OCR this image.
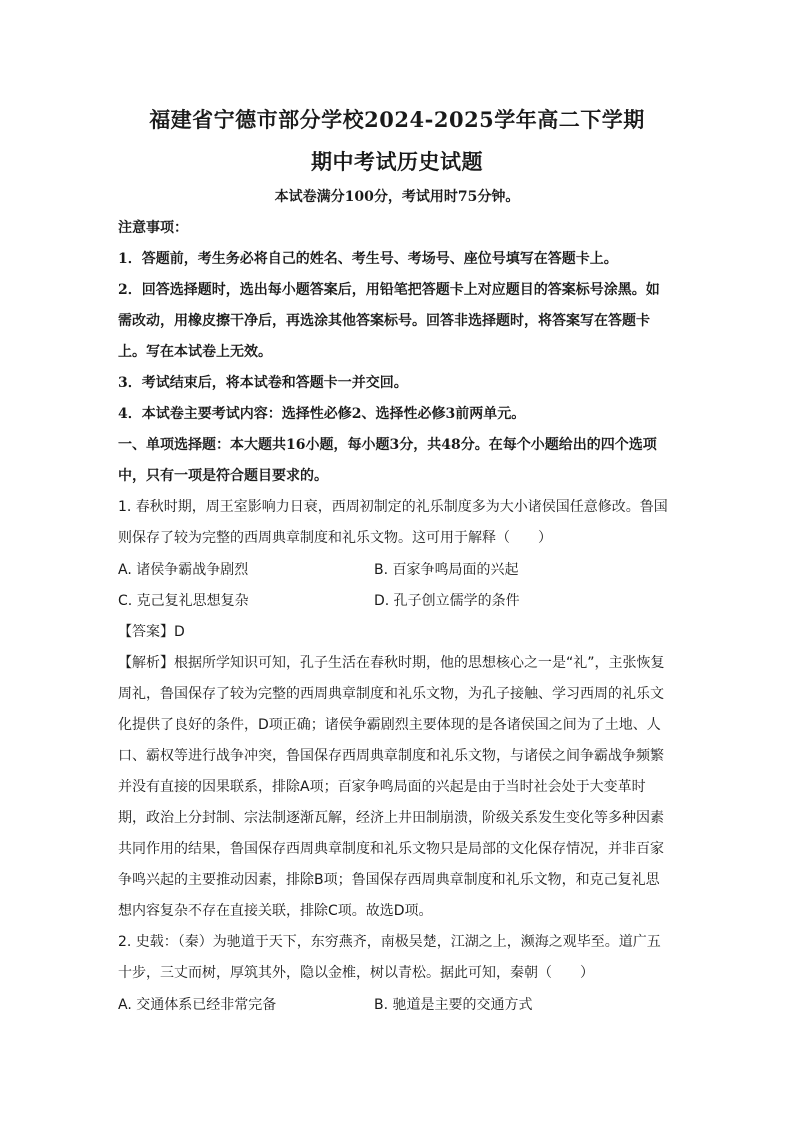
福建省宁德市部分学校2024-2025学年高二下学期
期中考试历史试题

本试卷满分100分，考试用时75分钟。

注意事项：

1．答题前，考生务必将自己的姓名、考生号、考场号、座位号填写在答题卡上。

2．回答选择题时，选出每小题答案后，用铅笔把答题卡上对应题目的答案标号涂黑。如

需改动，用橡皮擦干净后，再选涂其他答案标号。回答非选择题时，将答案写在答题卡

上。写在本试卷上无效。

3．考试结束后，将本试卷和答题卡一并交回。

4．本试卷主要考试内容：选择性必修2、选择性必修3前两单元。

一、单项选择题：本大题共16小题，每小题3分，共48分。在每个小题给出的四个选项

中，只有一项是符合题目要求的。

1. 春秋时期，周王室影响力日衰，西周初制定的礼乐制度多为大小诸侯国任意修改。鲁国

则保存了较为完整的西周典章制度和礼乐文物。这可用于解释（　　）

A. 诸侯争霸战争剧烈	B. 百家争鸣局面的兴起
C. 克己复礼思想复杂	D. 孔子创立儒学的条件

【答案】D

【解析】根据所学知识可知，孔子生活在春秋时期，他的思想核心之一是“礼”，主张恢复

周礼，鲁国保存了较为完整的西周典章制度和礼乐文物，为孔子接触、学习西周的礼乐文

化提供了良好的条件，D项正确；诸侯争霸剧烈主要体现的是各诸侯国之间为了土地、人

口、霸权等进行战争冲突，鲁国保存西周典章制度和礼乐文物，与诸侯之间争霸战争频繁

并没有直接的因果联系，排除A项；百家争鸣局面的兴起是由于当时社会处于大变革时

期，政治上分封制、宗法制逐渐瓦解，经济上井田制崩溃，阶级关系发生变化等多种因素

共同作用的结果，鲁国保存西周典章制度和礼乐文物只是局部的文化保存情况，并非百家

争鸣兴起的主要推动因素，排除B项；鲁国保存西周典章制度和礼乐文物，和克己复礼思

想内容复杂不存在直接关联，排除C项。故选D项。

2. 史载：（秦）为驰道于天下，东穷燕齐，南极吴楚，江湖之上，濒海之观毕至。道广五

十步，三丈而树，厚筑其外，隐以金椎，树以青松。据此可知，秦朝（　　）

A. 交通体系已经非常完备	B. 驰道是主要的交通方式
